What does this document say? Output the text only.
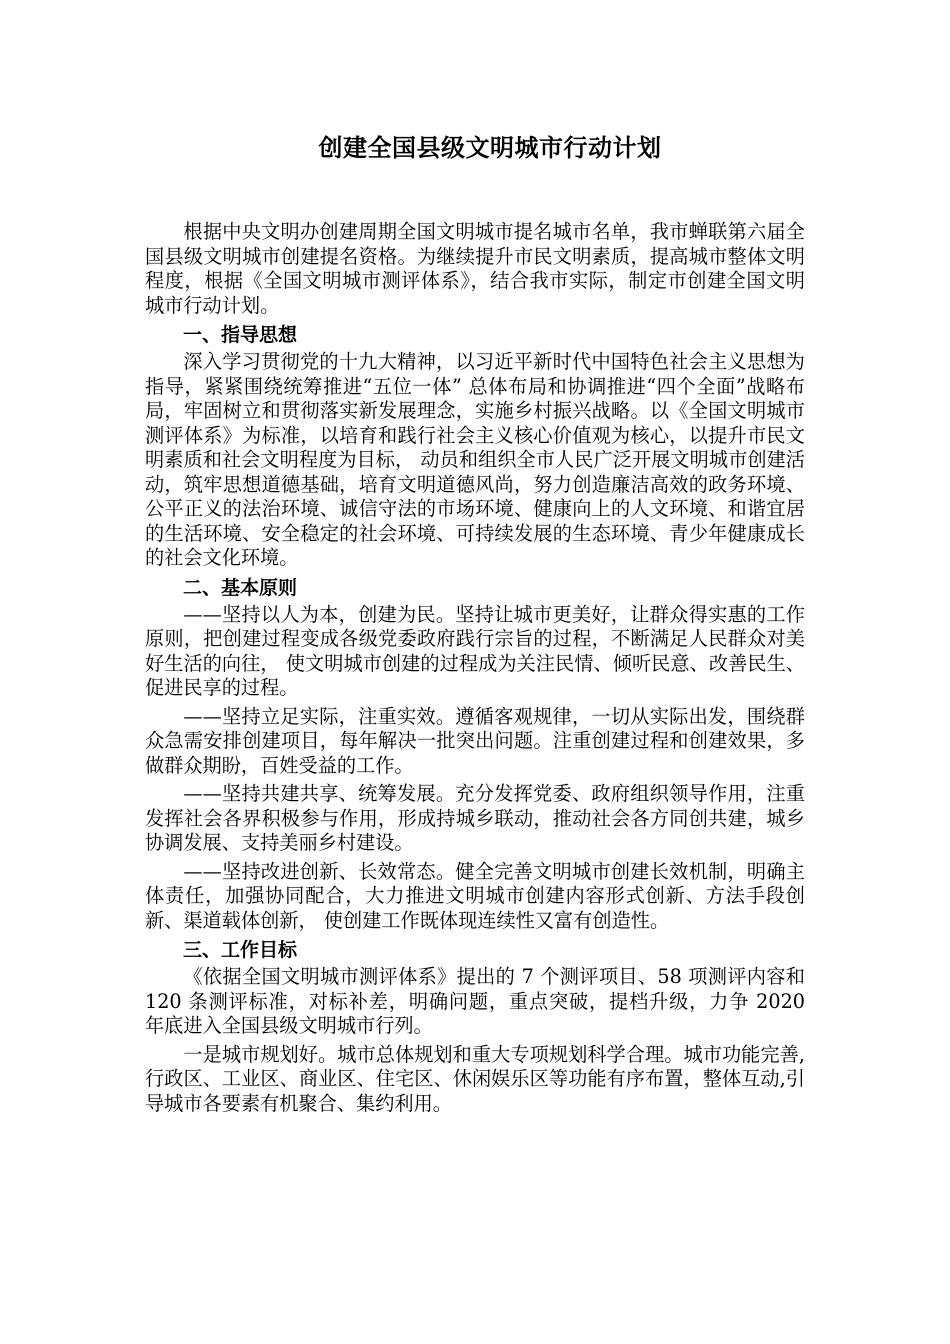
创建全国县级文明城市行动计划

根据中央文明办创建周期全国文明城市提名城市名单，我市蝉联第六届全国县级文明城市创建提名资格。为继续提升市民文明素质，提高城市整体文明程度，根据《全国文明城市测评体系》，结合我市实际，制定市创建全国文明城市行动计划。

一、指导思想

深入学习贯彻党的十九大精神，以习近平新时代中国特色社会主义思想为指导，紧紧围绕统筹推进“五位一体” 总体布局和协调推进“四个全面”战略布局，牢固树立和贯彻落实新发展理念，实施乡村振兴战略。以《全国文明城市测评体系》为标准，以培育和践行社会主义核心价值观为核心，以提升市民文明素质和社会文明程度为目标， 动员和组织全市人民广泛开展文明城市创建活动，筑牢思想道德基础，培育文明道德风尚，努力创造廉洁高效的政务环境、公平正义的法治环境、诚信守法的市场环境、健康向上的人文环境、和谐宜居的生活环境、安全稳定的社会环境、可持续发展的生态环境、青少年健康成长的社会文化环境。

二、基本原则

——坚持以人为本，创建为民。坚持让城市更美好，让群众得实惠的工作原则，把创建过程变成各级党委政府践行宗旨的过程，不断满足人民群众对美好生活的向往， 使文明城市创建的过程成为关注民情、倾听民意、改善民生、促进民享的过程。

——坚持立足实际，注重实效。遵循客观规律，一切从实际出发，围绕群众急需安排创建项目，每年解决一批突出问题。注重创建过程和创建效果，多做群众期盼，百姓受益的工作。

——坚持共建共享、统筹发展。充分发挥党委、政府组织领导作用，注重发挥社会各界积极参与作用，形成持城乡联动，推动社会各方同创共建，城乡协调发展、支持美丽乡村建设。

——坚持改进创新、长效常态。健全完善文明城市创建长效机制，明确主体责任，加强协同配合，大力推进文明城市创建内容形式创新、方法手段创新、渠道载体创新， 使创建工作既体现连续性又富有创造性。

三、工作目标

《依据全国文明城市测评体系》提出的 7 个测评项目、58 项测评内容和 120 条测评标准，对标补差，明确问题，重点突破，提档升级，力争 2020 年底进入全国县级文明城市行列。

一是城市规划好。城市总体规划和重大专项规划科学合理。城市功能完善,行政区、工业区、商业区、住宅区、休闲娱乐区等功能有序布置，整体互动,引导城市各要素有机聚合、集约利用。
